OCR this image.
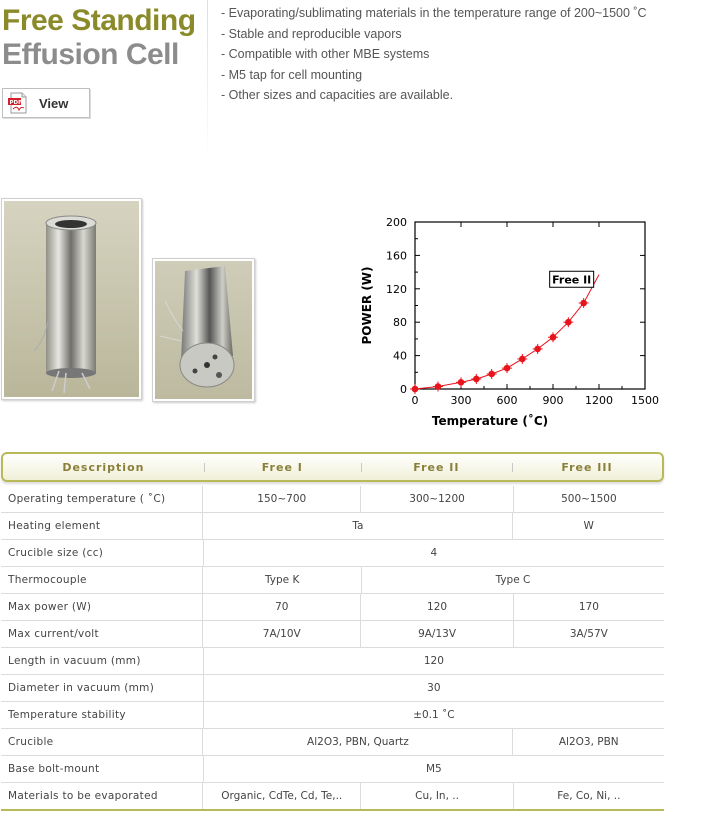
Free Standing
Effusion Cell
PDF View
- Evaporating/sublimating materials in the temperature range of 200~1500 ˚C
- Stable and reproducible vapors
- Compatible with other MBE systems
- M5 tap for cell mounting
- Other sizes and capacities are available.
0	300 600 900 1200 1500
0
40
80
120
160
200
Temperature (˚C)
POWER (W)	Free II
Description	Free I	Free II	Free III
Operating temperature ( ˚C)	150~700	300~1200	500~1500
Heating element	Ta	W
Crucible size (cc)	4
Thermocouple	Type K	Type C
Max power (W)	70	120	170
Max current/volt	7A/10V	9A/13V	3A/57V
Length in vacuum (mm)	120
Diameter in vacuum (mm)	30
Temperature stability	±0.1 ˚C
Crucible	Al2O3, PBN, Quartz	Al2O3, PBN
Base bolt-mount	M5
Materials to be evaporated	Organic, CdTe, Cd, Te,..	Cu, In, ..	Fe, Co, Ni, ..
